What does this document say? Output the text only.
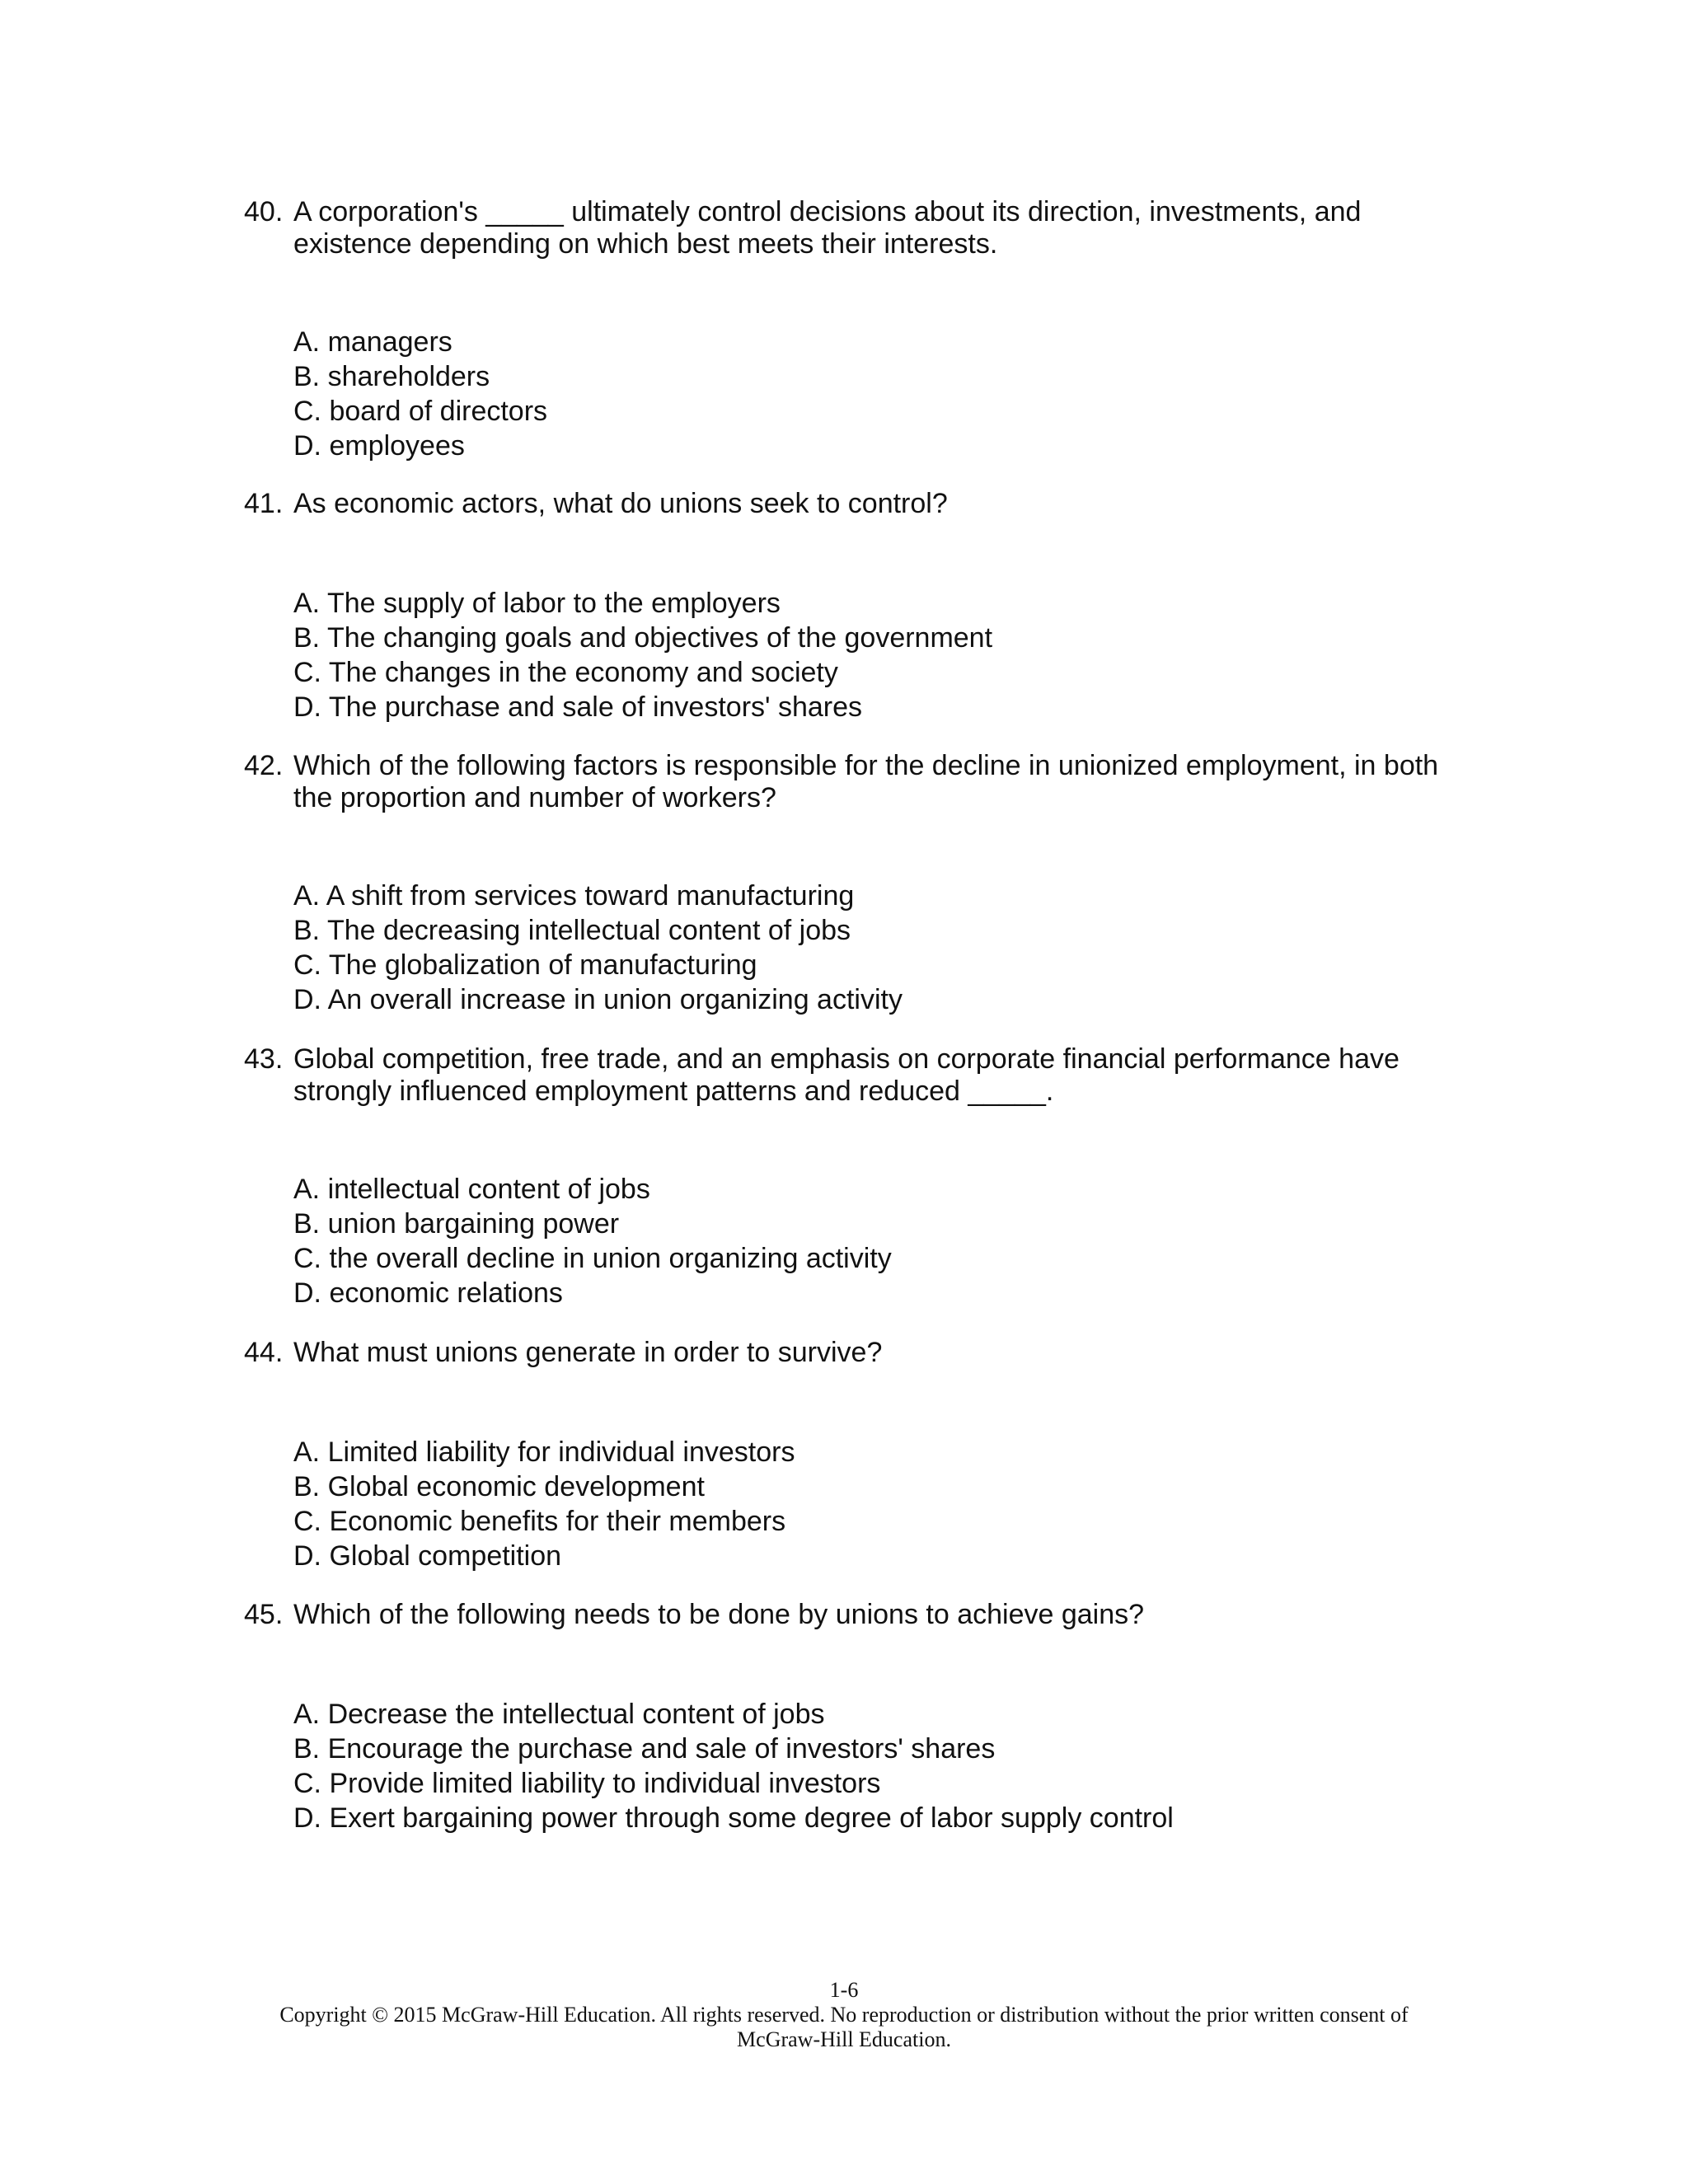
40. A corporation's _____ ultimately control decisions about its direction, investments, and existence depending on which best meets their interests.
A. managers
B. shareholders
C. board of directors
D. employees
41. As economic actors, what do unions seek to control?
A. The supply of labor to the employers
B. The changing goals and objectives of the government
C. The changes in the economy and society
D. The purchase and sale of investors' shares
42. Which of the following factors is responsible for the decline in unionized employment, in both the proportion and number of workers?
A. A shift from services toward manufacturing
B. The decreasing intellectual content of jobs
C. The globalization of manufacturing
D. An overall increase in union organizing activity
43. Global competition, free trade, and an emphasis on corporate financial performance have strongly influenced employment patterns and reduced _____.
A. intellectual content of jobs
B. union bargaining power
C. the overall decline in union organizing activity
D. economic relations
44. What must unions generate in order to survive?
A. Limited liability for individual investors
B. Global economic development
C. Economic benefits for their members
D. Global competition
45. Which of the following needs to be done by unions to achieve gains?
A. Decrease the intellectual content of jobs
B. Encourage the purchase and sale of investors' shares
C. Provide limited liability to individual investors
D. Exert bargaining power through some degree of labor supply control
1-6
Copyright © 2015 McGraw-Hill Education. All rights reserved. No reproduction or distribution without the prior written consent of
McGraw-Hill Education.
